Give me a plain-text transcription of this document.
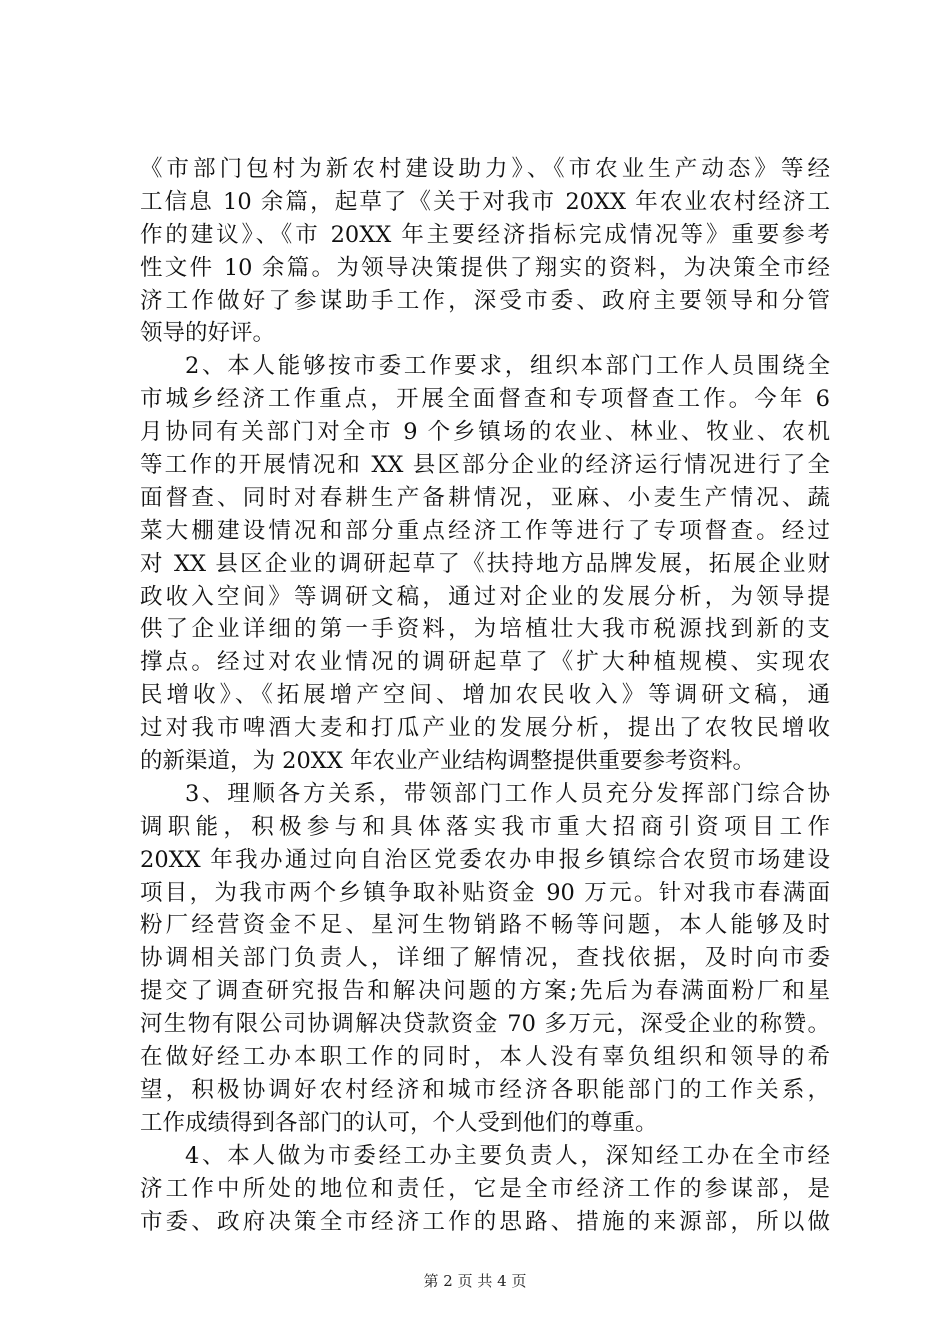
《市部门包村为新农村建设助力》、《市农业生产动态》等经
工信息 10 余篇，起草了《关于对我市 20XX 年农业农村经济工
作的建议》、《市 20XX 年主要经济指标完成情况等》重要参考
性文件 10 余篇。为领导决策提供了翔实的资料，为决策全市经
济工作做好了参谋助手工作，深受市委、政府主要领导和分管
领导的好评。
2、本人能够按市委工作要求，组织本部门工作人员围绕全
市城乡经济工作重点，开展全面督查和专项督查工作。今年 6
月协同有关部门对全市 9 个乡镇场的农业、林业、牧业、农机
等工作的开展情况和 XX 县区部分企业的经济运行情况进行了全
面督查、同时对春耕生产备耕情况，亚麻、小麦生产情况、蔬
菜大棚建设情况和部分重点经济工作等进行了专项督查。经过
对 XX 县区企业的调研起草了《扶持地方品牌发展，拓展企业财
政收入空间》等调研文稿，通过对企业的发展分析，为领导提
供了企业详细的第一手资料，为培植壮大我市税源找到新的支
撑点。经过对农业情况的调研起草了《扩大种植规模、实现农
民增收》、《拓展增产空间、增加农民收入》等调研文稿，通
过对我市啤酒大麦和打瓜产业的发展分析，提出了农牧民增收
的新渠道，为 20XX 年农业产业结构调整提供重要参考资料。
3、理顺各方关系，带领部门工作人员充分发挥部门综合协
调职能，积极参与和具体落实我市重大招商引资项目工作
20XX 年我办通过向自治区党委农办申报乡镇综合农贸市场建设
项目，为我市两个乡镇争取补贴资金 90 万元。针对我市春满面
粉厂经营资金不足、星河生物销路不畅等问题，本人能够及时
协调相关部门负责人，详细了解情况，查找依据，及时向市委
提交了调查研究报告和解决问题的方案;先后为春满面粉厂和星
河生物有限公司协调解决贷款资金 70 多万元，深受企业的称赞。
在做好经工办本职工作的同时，本人没有辜负组织和领导的希
望，积极协调好农村经济和城市经济各职能部门的工作关系，
工作成绩得到各部门的认可，个人受到他们的尊重。
4、本人做为市委经工办主要负责人，深知经工办在全市经
济工作中所处的地位和责任，它是全市经济工作的参谋部，是
市委、政府决策全市经济工作的思路、措施的来源部，所以做
第 2 页 共 4 页
